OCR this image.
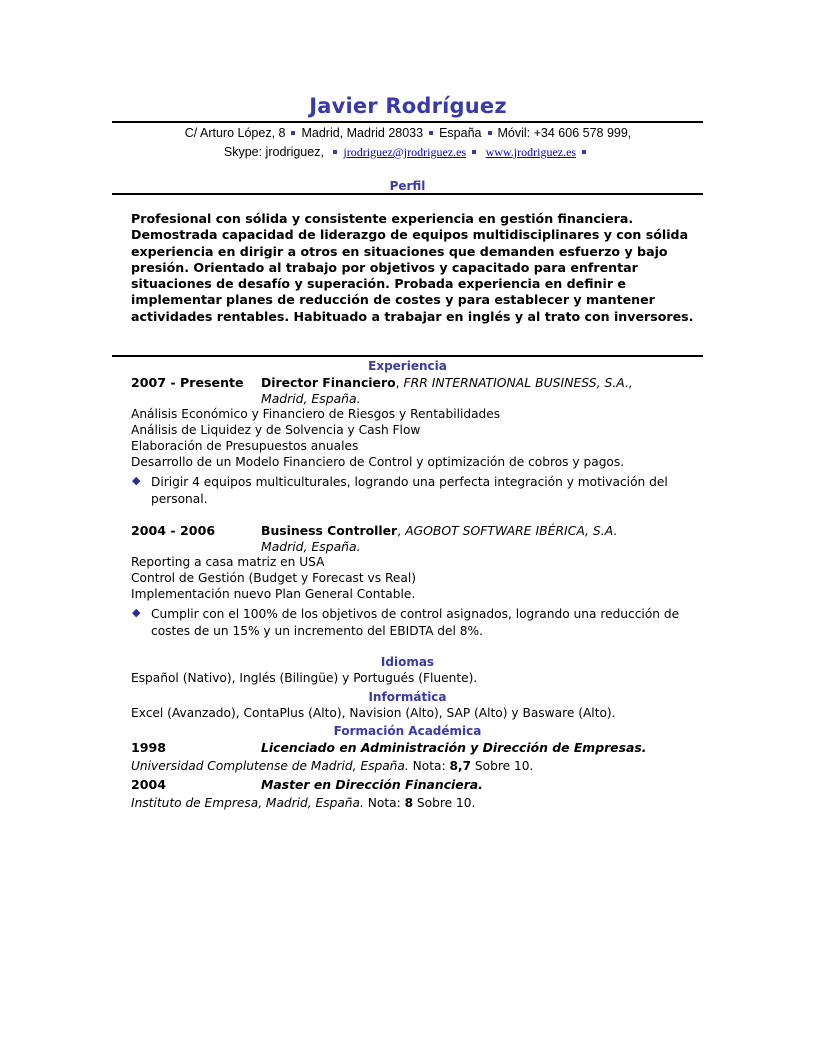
Javier Rodríguez
C/ Arturo López, 8 Madrid, Madrid 28033 España Móvil: +34 606 578 999,
Skype: jrodriguez, jrodriguez@jrodriguez.es www.jrodriguez.es
Perfil
Profesional con sólida y consistente experiencia en gestión financiera. Demostrada capacidad de liderazgo de equipos multidisciplinares y con sólida experiencia en dirigir a otros en situaciones que demanden esfuerzo y bajo presión. Orientado al trabajo por objetivos y capacitado para enfrentar situaciones de desafío y superación. Probada experiencia en definir e implementar planes de reducción de costes y para establecer y mantener actividades rentables. Habituado a trabajar en inglés y al trato con inversores.
Experiencia
2007 - Presente Director Financiero, FRR INTERNATIONAL BUSINESS, S.A.,
Madrid, España.
Análisis Económico y Financiero de Riesgos y Rentabilidades
Análisis de Liquidez y de Solvencia y Cash Flow
Elaboración de Presupuestos anuales
Desarrollo de un Modelo Financiero de Control y optimización de cobros y pagos.
◆ Dirigir 4 equipos multiculturales, logrando una perfecta integración y motivación del personal.
2004 - 2006	Business Controller, AGOBOT SOFTWARE IBÉRICA, S.A.
Madrid, España.
Reporting a casa matriz en USA
Control de Gestión (Budget y Forecast vs Real)
Implementación nuevo Plan General Contable.
◆ Cumplir con el 100% de los objetivos de control asignados, logrando una reducción de costes de un 15% y un incremento del EBIDTA del 8%.
Idiomas
Español (Nativo), Inglés (Bilingüe) y Portugués (Fluente).
Informática
Excel (Avanzado), ContaPlus (Alto), Navision (Alto), SAP (Alto) y Basware (Alto).
Formación Académica
1998	Licenciado en Administración y Dirección de Empresas.
Universidad Complutense de Madrid, España. Nota: 8,7 Sobre 10.
2004	Master en Dirección Financiera.
Instituto de Empresa, Madrid, España. Nota: 8 Sobre 10.
